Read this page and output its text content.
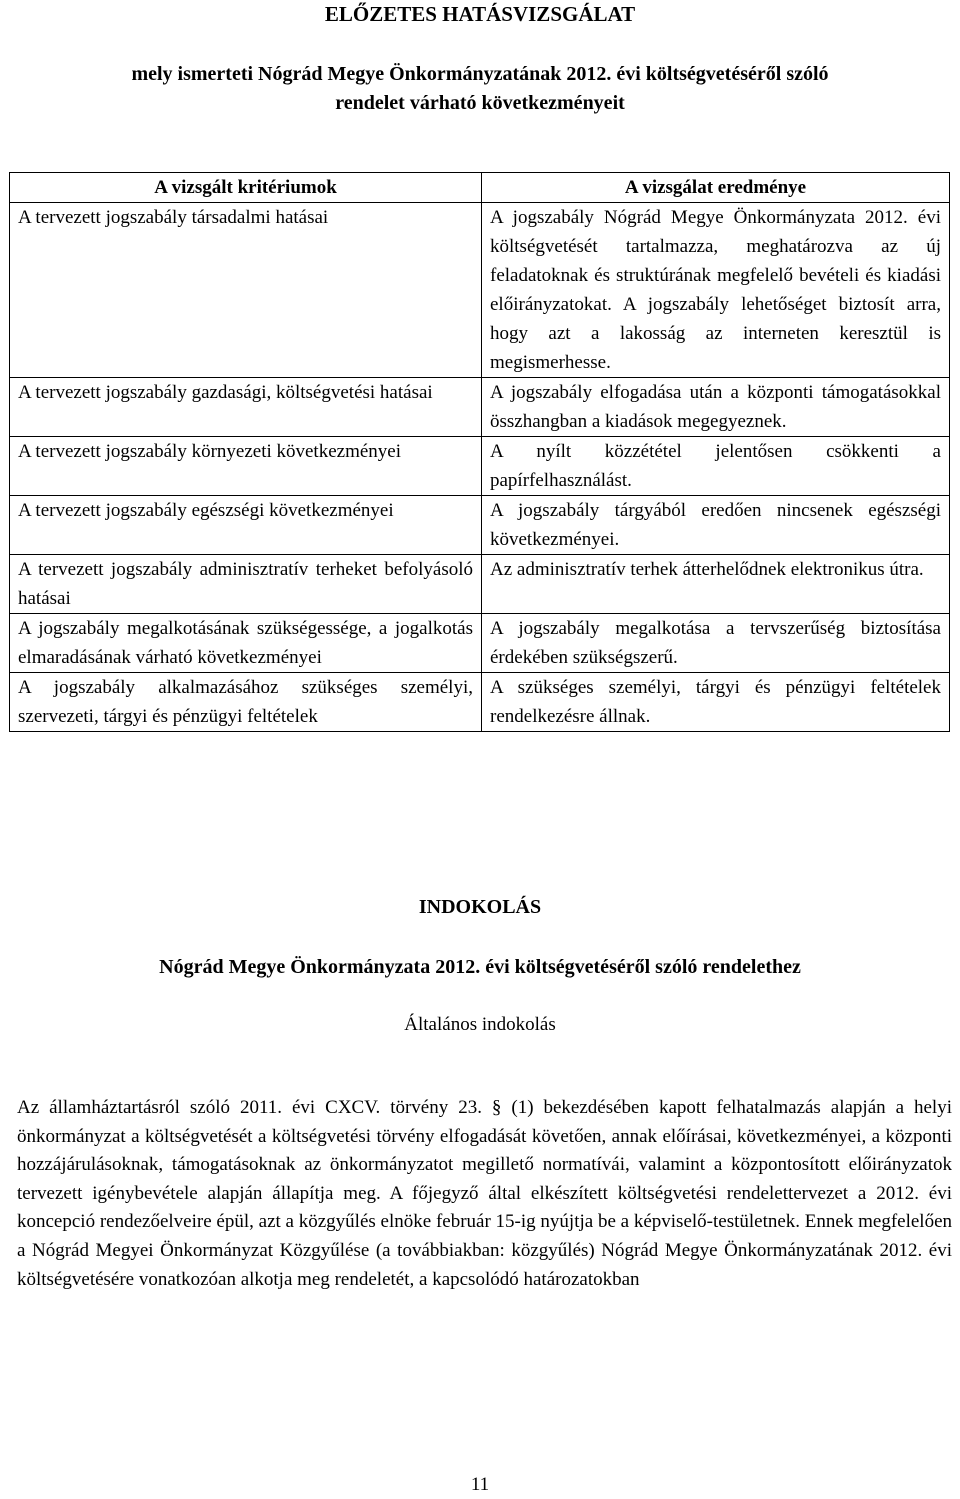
ELŐZETES HATÁSVIZSGÁLAT
mely ismerteti Nógrád Megye Önkormányzatának 2012. évi költségvetéséről szóló
rendelet várható következményeit
A vizsgált kritériumok	A vizsgálat eredménye
A tervezett jogszabály társadalmi hatásai	A jogszabály Nógrád Megye Önkormányzata 2012. évi költségvetését tartalmazza, meghatározva az új feladatoknak és struktúrának megfelelő bevételi és kiadási előirányzatokat. A jogszabály lehetőséget biztosít arra, hogy azt a lakosság az interneten keresztül is megismerhesse.
A tervezett jogszabály gazdasági, költségvetési hatásai	A jogszabály elfogadása után a központi támogatásokkal összhangban a kiadások megegyeznek.
A tervezett jogszabály környezeti következményei	A nyílt közzététel jelentősen csökkenti a papírfelhasználást.
A tervezett jogszabály egészségi következményei	A jogszabály tárgyából eredően nincsenek egészségi következményei.
A tervezett jogszabály adminisztratív terheket befolyásoló hatásai	Az adminisztratív terhek átterhelődnek elektronikus útra.
A jogszabály megalkotásának szükségessége, a jogalkotás elmaradásának várható következményei	A jogszabály megalkotása a tervszerűség biztosítása érdekében szükségszerű.
A jogszabály alkalmazásához szükséges személyi, szervezeti, tárgyi és pénzügyi feltételek	A szükséges személyi, tárgyi és pénzügyi feltételek rendelkezésre állnak.
INDOKOLÁS
Nógrád Megye Önkormányzata 2012. évi költségvetéséről szóló rendelethez
Általános indokolás

Az államháztartásról szóló 2011. évi CXCV. törvény 23. § (1) bekezdésében kapott felhatalmazás alapján a helyi önkormányzat a költségvetését a költségvetési törvény elfogadását követően, annak előírásai, következményei, a központi hozzájárulásoknak, támogatásoknak az önkormányzatot megillető normatívái, valamint a központosított előirányzatok tervezett igénybevétele alapján állapítja meg. A főjegyző által elkészített költségvetési rendelettervezet a 2012. évi koncepció rendezőelveire épül, azt a közgyűlés elnöke február 15-ig nyújtja be a képviselő-testületnek. Ennek megfelelően a Nógrád Megyei Önkormányzat Közgyűlése (a továbbiakban: közgyűlés) Nógrád Megye Önkormányzatának 2012. évi költségvetésére vonatkozóan alkotja meg rendeletét, a kapcsolódó határozatokban

11
